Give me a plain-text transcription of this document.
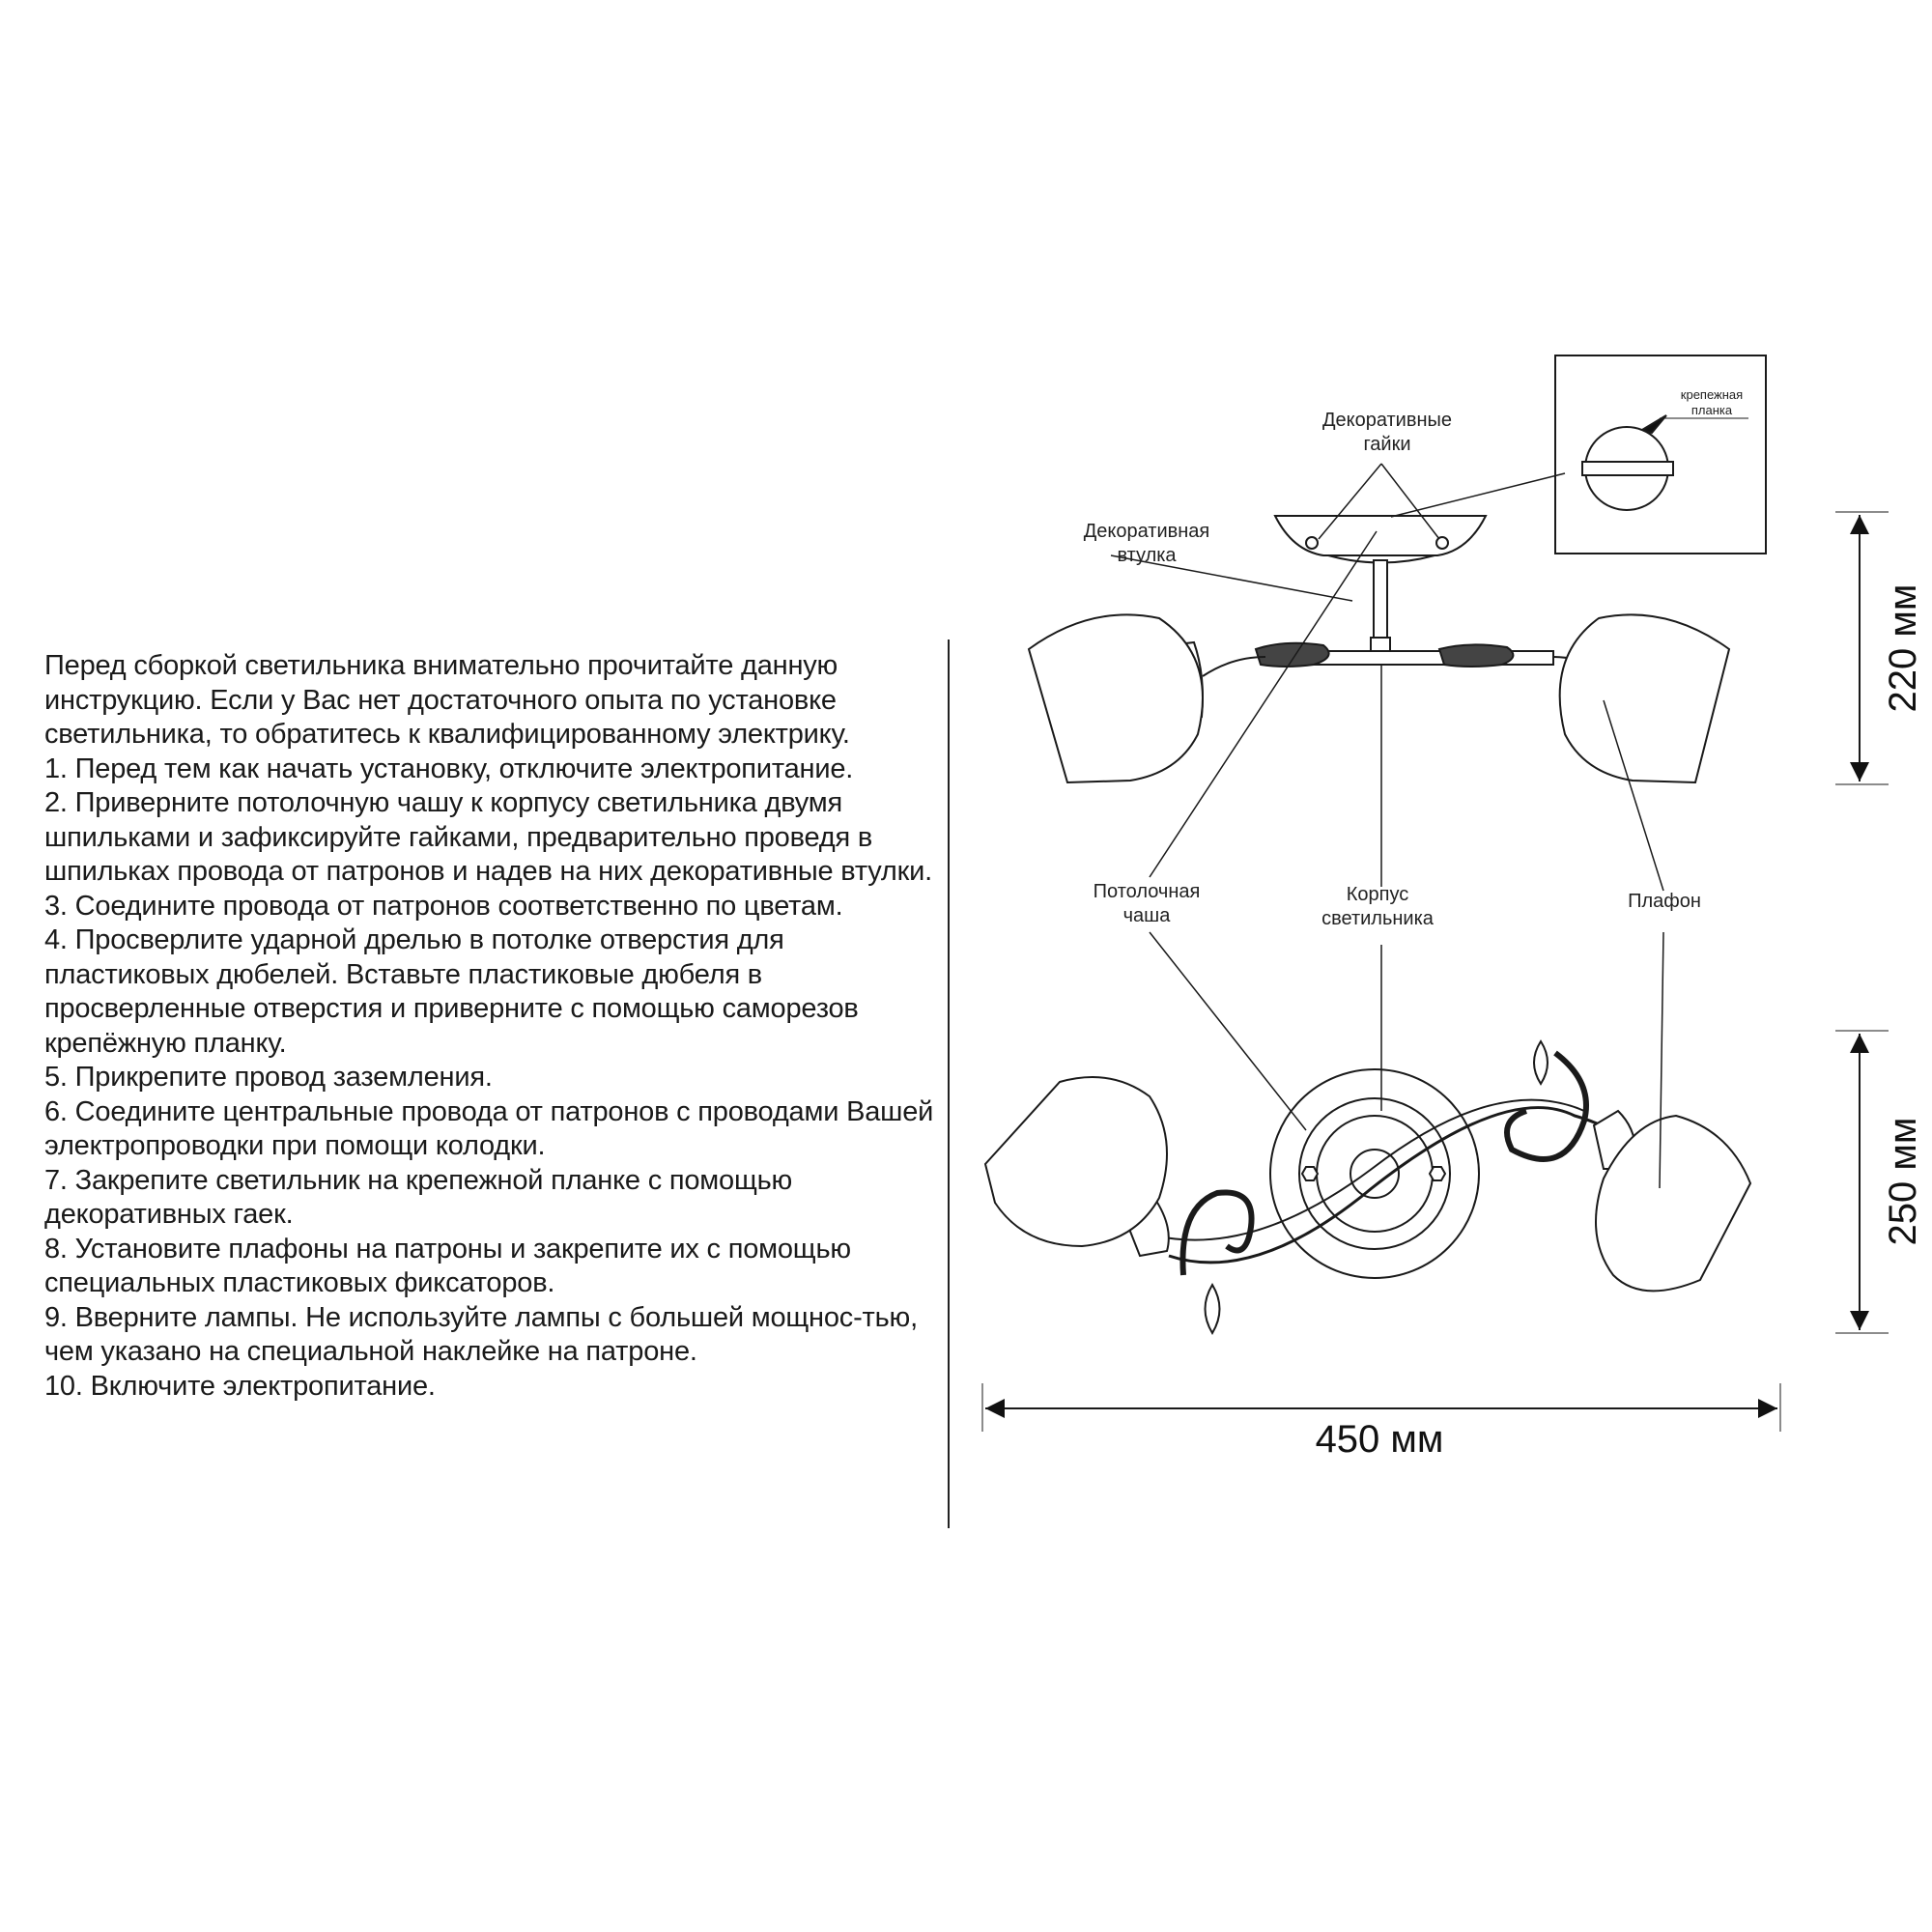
Перед сборкой светильника внимательно прочитайте данную инструкцию. Если у Вас нет достаточного опыта по установке светильника, то обратитесь к квалифицированному электрику.

1. Перед тем как начать установку, отключите электропитание.

2. Приверните потолочную чашу к корпусу светильника двумя шпильками и зафиксируйте гайками, предварительно проведя в шпильках провода от патронов и надев на них декоративные втулки.

3. Соедините провода от патронов соответственно по цветам.

4. Просверлите ударной дрелью в потолке отверстия для пластиковых дюбелей. Вставьте пластиковые дюбеля в просверленные отверстия и приверните с помощью саморезов крепёжную планку.

5. Прикрепите провод заземления.

6. Соедините центральные провода от патронов с проводами Вашей электропроводки при помощи колодки.

7. Закрепите светильник на крепежной планке с помощью декоративных гаек.

8. Установите плафоны на патроны и закрепите их с помощью специальных пластиковых фиксаторов.

9. Вверните лампы. Не используйте лампы с большей мощнос-тью, чем указано на специальной наклейке на патроне.

10. Включите электропитание.

Декоративные
гайки
Декоративная
втулка
крепежная
планка
Потолочная
чаша
Корпус
светильника
Плафон
220 мм
250 мм
450 мм
